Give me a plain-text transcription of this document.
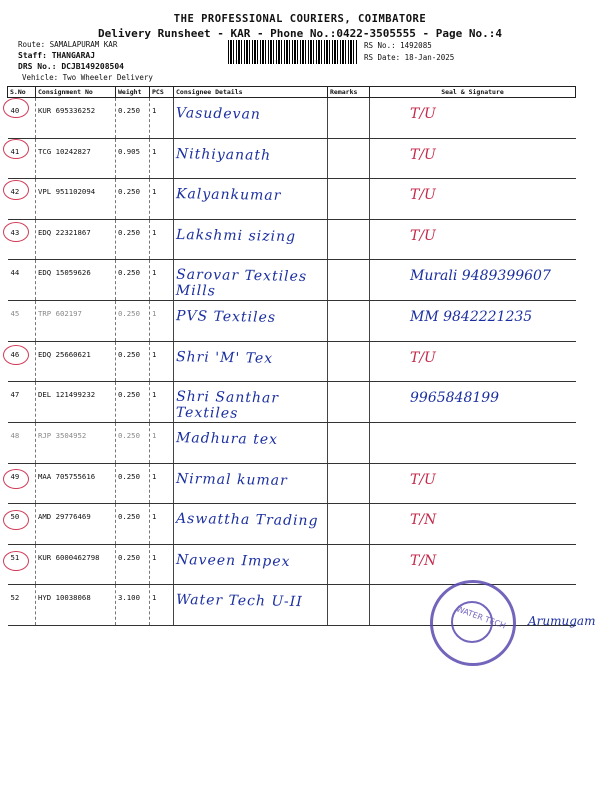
THE PROFESSIONAL COURIERS, COIMBATORE
Delivery Runsheet - KAR - Phone No.:0422-3505555 - Page No.:4
Route: SAMALAPURAM KAR
Staff: THANGARAJ
DRS No.: DCJB149208504
Vehicle: Two Wheeler Delivery
RS No.: 1492085
RS Date: 18-Jan-2025
S.No	Consignment No	Weight	PCS	Consignee Details	Remarks	Seal & Signature
40	KUR 695336252	0.250	1	Vasudevan		T/U
41	TCG 10242827	0.905	1	Nithiyanath		T/U
42	VPL 951102094	0.250	1	Kalyankumar		T/U
43	EDQ 22321867	0.250	1	Lakshmi sizing		T/U
44	EDQ 15059626	0.250	1	Sarovar Textiles Mills		Murali 9489399607
45	TRP 602197	0.250	1	PVS Textiles		MM 9842221235
46	EDQ 25660621	0.250	1	Shri 'M' Tex		T/U
47	DEL 121499232	0.250	1	Shri Santhar Textiles		9965848199
48	RJP 3504952	0.250	1	Madhura tex		
49	MAA 705755616	0.250	1	Nirmal kumar		T/U
50	AMD 29776469	0.250	1	Aswattha Trading		T/N
51	KUR 6000462798	0.250	1	Naveen Impex		T/N
52	HYD 10038068	3.100	1	Water Tech U-II		
WATER TECH Arumugam
